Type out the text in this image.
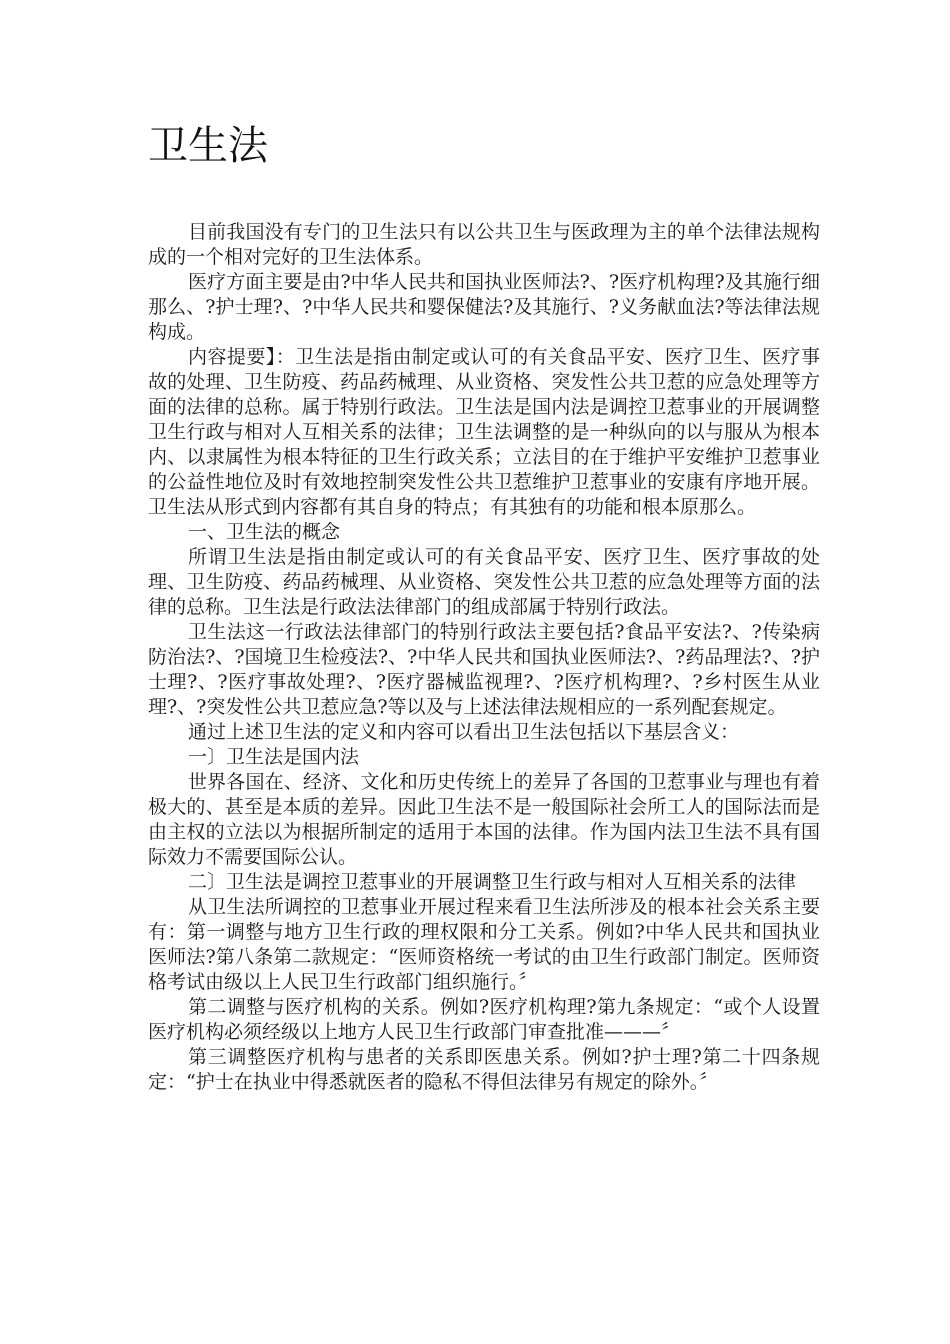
卫生法

目前我国没有专门的卫生法只有以公共卫生与医政理为主的单个法律法规构成的一个相对完好的卫生法体系。

医疗方面主要是由?中华人民共和国执业医师法?、?医疗机构理?及其施行细那么、?护士理?、?中华人民共和婴保健法?及其施行、?义务献血法?等法律法规构成。

内容提要】：卫生法是指由制定或认可的有关食品平安、医疗卫生、医疗事故的处理、卫生防疫、药品药械理、从业资格、突发性公共卫惹的应急处理等方面的法律的总称。属于特别行政法。卫生法是国内法是调控卫惹事业的开展调整卫生行政与相对人互相关系的法律；卫生法调整的是一种纵向的以与服从为根本内、以隶属性为根本特征的卫生行政关系；立法目的在于维护平安维护卫惹事业的公益性地位及时有效地控制突发性公共卫惹维护卫惹事业的安康有序地开展。卫生法从形式到内容都有其自身的特点；有其独有的功能和根本原那么。

一、卫生法的概念

所谓卫生法是指由制定或认可的有关食品平安、医疗卫生、医疗事故的处理、卫生防疫、药品药械理、从业资格、突发性公共卫惹的应急处理等方面的法律的总称。卫生法是行政法法律部门的组成部属于特别行政法。

卫生法这一行政法法律部门的特别行政法主要包括?食品平安法?、?传染病防治法?、?国境卫生检疫法?、?中华人民共和国执业医师法?、?药品理法?、?护士理?、?医疗事故处理?、?医疗器械监视理?、?医疗机构理?、?乡村医生从业理?、?突发性公共卫惹应急?等以及与上述法律法规相应的一系列配套规定。

通过上述卫生法的定义和内容可以看出卫生法包括以下基层含义：

一〕卫生法是国内法

世界各国在、经济、文化和历史传统上的差异了各国的卫惹事业与理也有着极大的、甚至是本质的差异。因此卫生法不是一般国际社会所工人的国际法而是由主权的立法以为根据所制定的适用于本国的法律。作为国内法卫生法不具有国际效力不需要国际公认。

二〕卫生法是调控卫惹事业的开展调整卫生行政与相对人互相关系的法律

从卫生法所调控的卫惹事业开展过程来看卫生法所涉及的根本社会关系主要有：第一调整与地方卫生行政的理权限和分工关系。例如?中华人民共和国执业医师法?第八条第二款规定：“医师资格统一考试的由卫生行政部门制定。医师资格考试由级以上人民卫生行政部门组织施行。〞

第二调整与医疗机构的关系。例如?医疗机构理?第九条规定：“或个人设置医疗机构必须经级以上地方人民卫生行政部门审查批准———〞

第三调整医疗机构与患者的关系即医患关系。例如?护士理?第二十四条规定：“护士在执业中得悉就医者的隐私不得但法律另有规定的除外。〞
